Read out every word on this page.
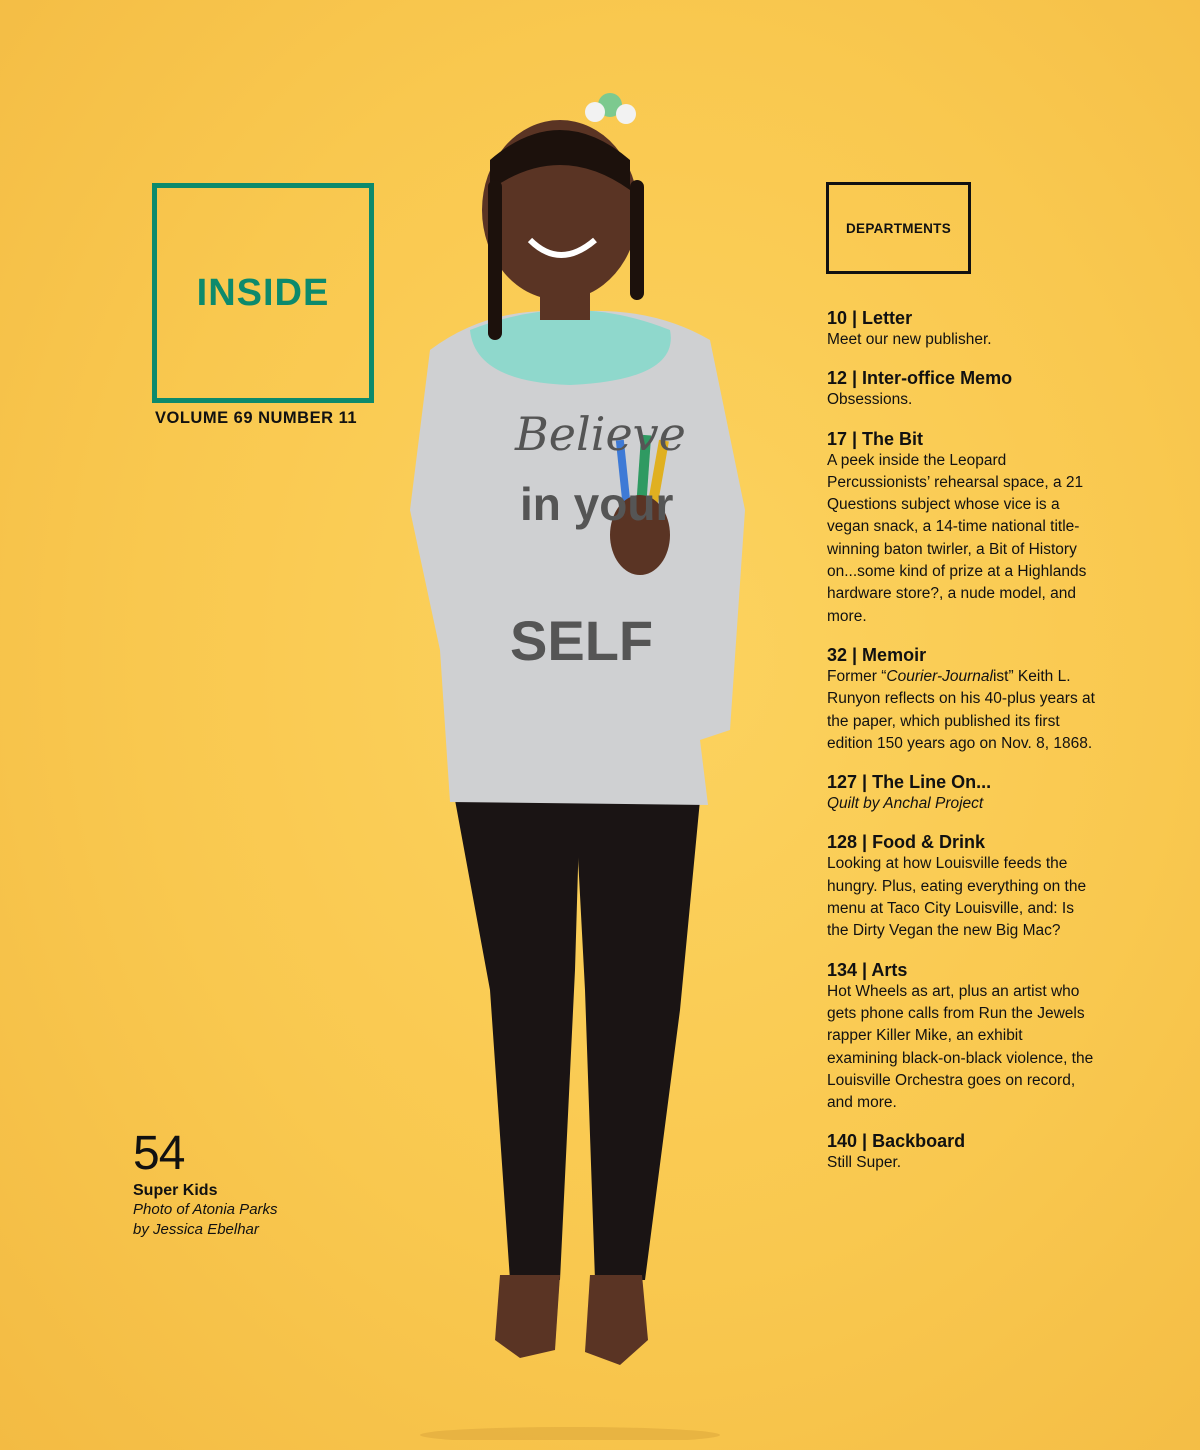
Believe
in your
SELF
INSIDE
VOLUME 69 NUMBER 11
54
Super Kids
Photo of Atonia Parks
by Jessica Ebelhar
DEPARTMENTS
10 | Letter
Meet our new publisher.
12 | Inter-office Memo
Obsessions.
17 | The Bit
A peek inside the Leopard Percussionists’ rehearsal space, a 21 Questions subject whose vice is a vegan snack, a 14-time national title-winning baton twirler, a Bit of History on...some kind of prize at a Highlands hardware store?, a nude model, and more.
32 | Memoir
Former “Courier-Journalist” Keith L. Runyon reflects on his 40-plus years at the paper, which published its first edition 150 years ago on Nov. 8, 1868.
127 | The Line On...
Quilt by Anchal Project
128 | Food & Drink
Looking at how Louisville feeds the hungry. Plus, eating everything on the menu at Taco City Louisville, and: Is the Dirty Vegan the new Big Mac?
134 | Arts
Hot Wheels as art, plus an artist who gets phone calls from Run the Jewels rapper Killer Mike, an exhibit examining black-on-black violence, the Louisville Orchestra goes on record, and more.
140 | Backboard
Still Super.
